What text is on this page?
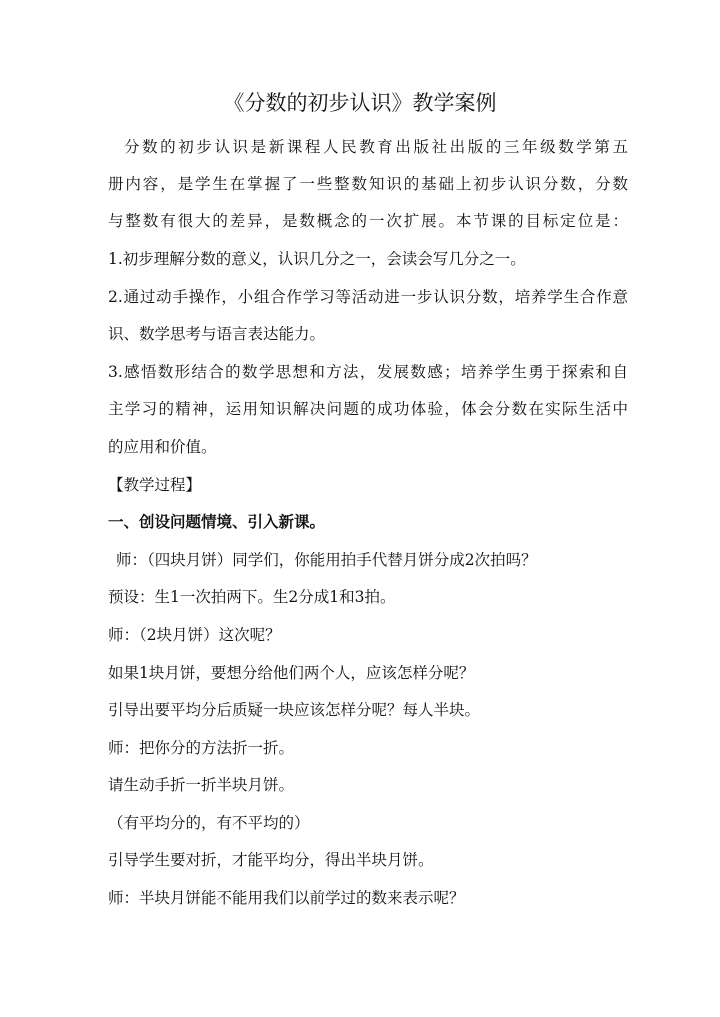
《分数的初步认识》教学案例
分数的初步认识是新课程人民教育出版社出版的三年级数学第五
册内容，是学生在掌握了一些整数知识的基础上初步认识分数，分数
与整数有很大的差异，是数概念的一次扩展。本节课的目标定位是：
1.初步理解分数的意义，认识几分之一，会读会写几分之一。
2.通过动手操作，小组合作学习等活动进一步认识分数，培养学生合作意
识、数学思考与语言表达能力。
3.感悟数形结合的数学思想和方法，发展数感；培养学生勇于探索和自
主学习的精神，运用知识解决问题的成功体验，体会分数在实际生活中
的应用和价值。
【教学过程】
一、创设问题情境、引入新课。
师：（四块月饼）同学们，你能用拍手代替月饼分成2次拍吗？
预设：生1一次拍两下。生2分成1和3拍。
师：（2块月饼）这次呢？
如果1块月饼，要想分给他们两个人，应该怎样分呢？
引导出要平均分后质疑一块应该怎样分呢？每人半块。
师：把你分的方法折一折。
请生动手折一折半块月饼。
（有平均分的，有不平均的）
引导学生要对折，才能平均分，得出半块月饼。
师：半块月饼能不能用我们以前学过的数来表示呢？
